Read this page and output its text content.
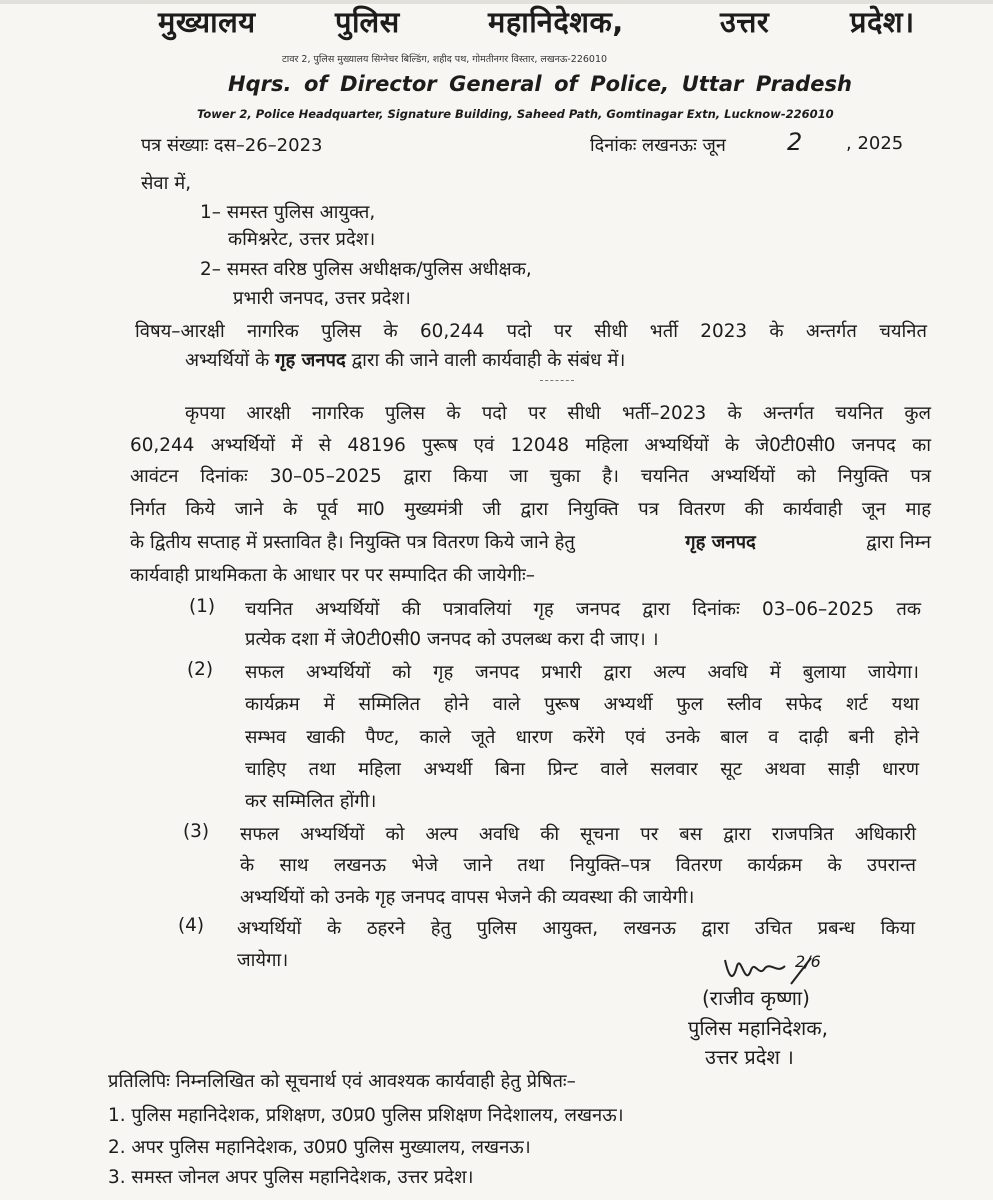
मुख्यालय	पुलिस	महानिदेशक,	उत्तर	प्रदेश।
टावर 2, पुलिस मुख्यालय सिग्नेचर बिल्डिंग, शहीद पथ, गोमतीनगर विस्तार, लखनऊ-226010
Hqrs. of Director General of Police, Uttar Pradesh
Tower 2, Police Headquarter, Signature Building, Saheed Path, Gomtinagar Extn, Lucknow-226010
पत्र संख्याः दस–26–2023	दिनांकः लखनऊः जून	2 , 2025
सेवा में,
1– समस्त पुलिस आयुक्त,
कमिश्नरेट, उत्तर प्रदेश।
2– समस्त वरिष्ठ पुलिस अधीक्षक/पुलिस अधीक्षक,
प्रभारी जनपद, उत्तर प्रदेश।
विषय–आरक्षी नागरिक पुलिस के 60,244 पदो पर सीधी भर्ती 2023 के अन्तर्गत चयनित
अभ्यर्थियों के गृह जनपद द्वारा की जाने वाली कार्यवाही के संबंध में।
कृपया आरक्षी नागरिक पुलिस के पदो पर सीधी भर्ती–2023 के अन्तर्गत चयनित कुल
60,244 अभ्यर्थियों में से 48196 पुरूष एवं 12048 महिला अभ्यर्थियों के जे0टी0सी0 जनपद का
आवंटन दिनांकः 30–05–2025 द्वारा किया जा चुका है। चयनित अभ्यर्थियों को नियुक्ति पत्र
निर्गत किये जाने के पूर्व मा0 मुख्यमंत्री जी द्वारा नियुक्ति पत्र वितरण की कार्यवाही जून माह
के द्वितीय सप्ताह में प्रस्तावित है। नियुक्ति पत्र वितरण किये जाने हेतु	गृह जनपद	द्वारा निम्न
कार्यवाही प्राथमिकता के आधार पर पर सम्पादित की जायेगीः–
(1) चयनित अभ्यर्थियों की पत्रावलियां गृह जनपद द्वारा दिनांकः 03–06–2025 तक
प्रत्येक दशा में जे0टी0सी0 जनपद को उपलब्ध करा दी जाए। ।
(2) सफल अभ्यर्थियों को गृह जनपद प्रभारी द्वारा अल्प अवधि में बुलाया जायेगा।
कार्यक्रम में सम्मिलित होने वाले पुरूष अभ्यर्थी फुल स्लीव सफेद शर्ट यथा
सम्भव खाकी पैण्ट, काले जूते धारण करेंगे एवं उनके बाल व दाढ़ी बनी होने
चाहिए तथा महिला अभ्यर्थी बिना प्रिन्ट वाले सलवार सूट अथवा साड़ी धारण
कर सम्मिलित होंगी।
(3) सफल अभ्यर्थियों को अल्प अवधि की सूचना पर बस द्वारा राजपत्रित अधिकारी
के साथ लखनऊ भेजे जाने तथा नियुक्ति–पत्र वितरण कार्यक्रम के उपरान्त
अभ्यर्थियों को उनके गृह जनपद वापस भेजने की व्यवस्था की जायेगी।
(4) अभ्यर्थियों के ठहरने हेतु पुलिस आयुक्त, लखनऊ द्वारा उचित प्रबन्ध किया
जायेगा।	2/6
(राजीव कृष्णा)
पुलिस महानिदेशक,
उत्तर प्रदेश ।
प्रतिलिपिः निम्नलिखित को सूचनार्थ एवं आवश्यक कार्यवाही हेतु प्रेषितः–
1. पुलिस महानिदेशक, प्रशिक्षण, उ0प्र0 पुलिस प्रशिक्षण निदेशालय, लखनऊ।
2. अपर पुलिस महानिदेशक, उ0प्र0 पुलिस मुख्यालय, लखनऊ।
3. समस्त जोनल अपर पुलिस महानिदेशक, उत्तर प्रदेश।
